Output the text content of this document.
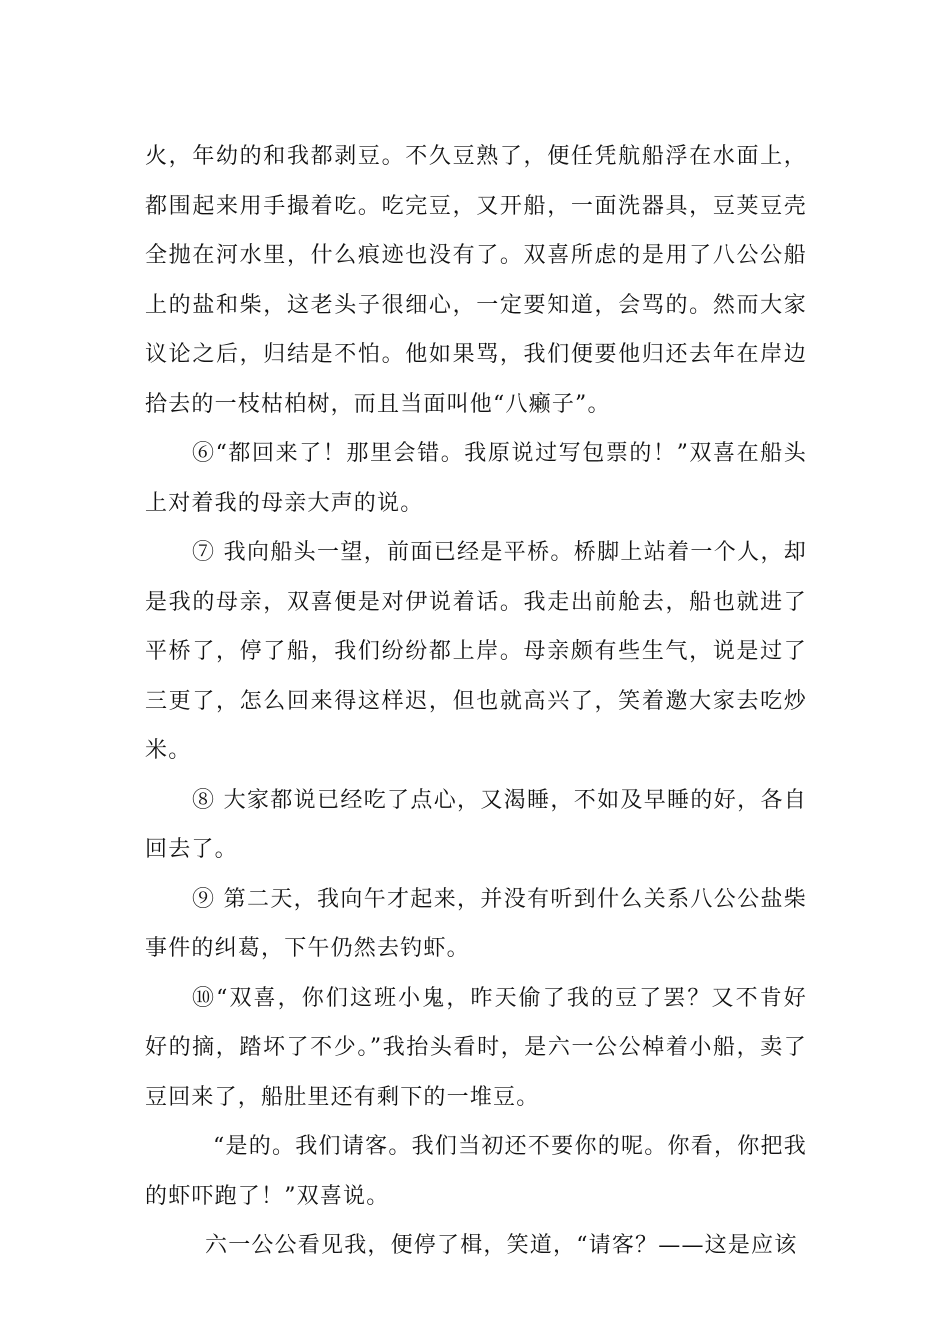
火，年幼的和我都剥豆。不久豆熟了，便任凭航船浮在水面上，都围起来用手撮着吃。吃完豆，又开船，一面洗器具，豆荚豆壳全抛在河水里，什么痕迹也没有了。双喜所虑的是用了八公公船上的盐和柴，这老头子很细心，一定要知道，会骂的。然而大家议论之后，归结是不怕。他如果骂，我们便要他归还去年在岸边拾去的一枝枯柏树，而且当面叫他“八癞子”。

⑥“都回来了！那里会错。我原说过写包票的！”双喜在船头上对着我的母亲大声的说。

⑦ 我向船头一望，前面已经是平桥。桥脚上站着一个人，却是我的母亲，双喜便是对伊说着话。我走出前舱去，船也就进了平桥了，停了船，我们纷纷都上岸。母亲颇有些生气，说是过了三更了，怎么回来得这样迟，但也就高兴了，笑着邀大家去吃炒米。

⑧ 大家都说已经吃了点心，又渴睡，不如及早睡的好，各自回去了。

⑨ 第二天，我向午才起来，并没有听到什么关系八公公盐柴事件的纠葛，下午仍然去钓虾。

⑩“双喜，你们这班小鬼，昨天偷了我的豆了罢？又不肯好好的摘，踏坏了不少。”我抬头看时，是六一公公棹着小船，卖了豆回来了，船肚里还有剩下的一堆豆。

“是的。我们请客。我们当初还不要你的呢。你看，你把我的虾吓跑了！”双喜说。

六一公公看见我，便停了楫，笑道，“请客？——这是应该
